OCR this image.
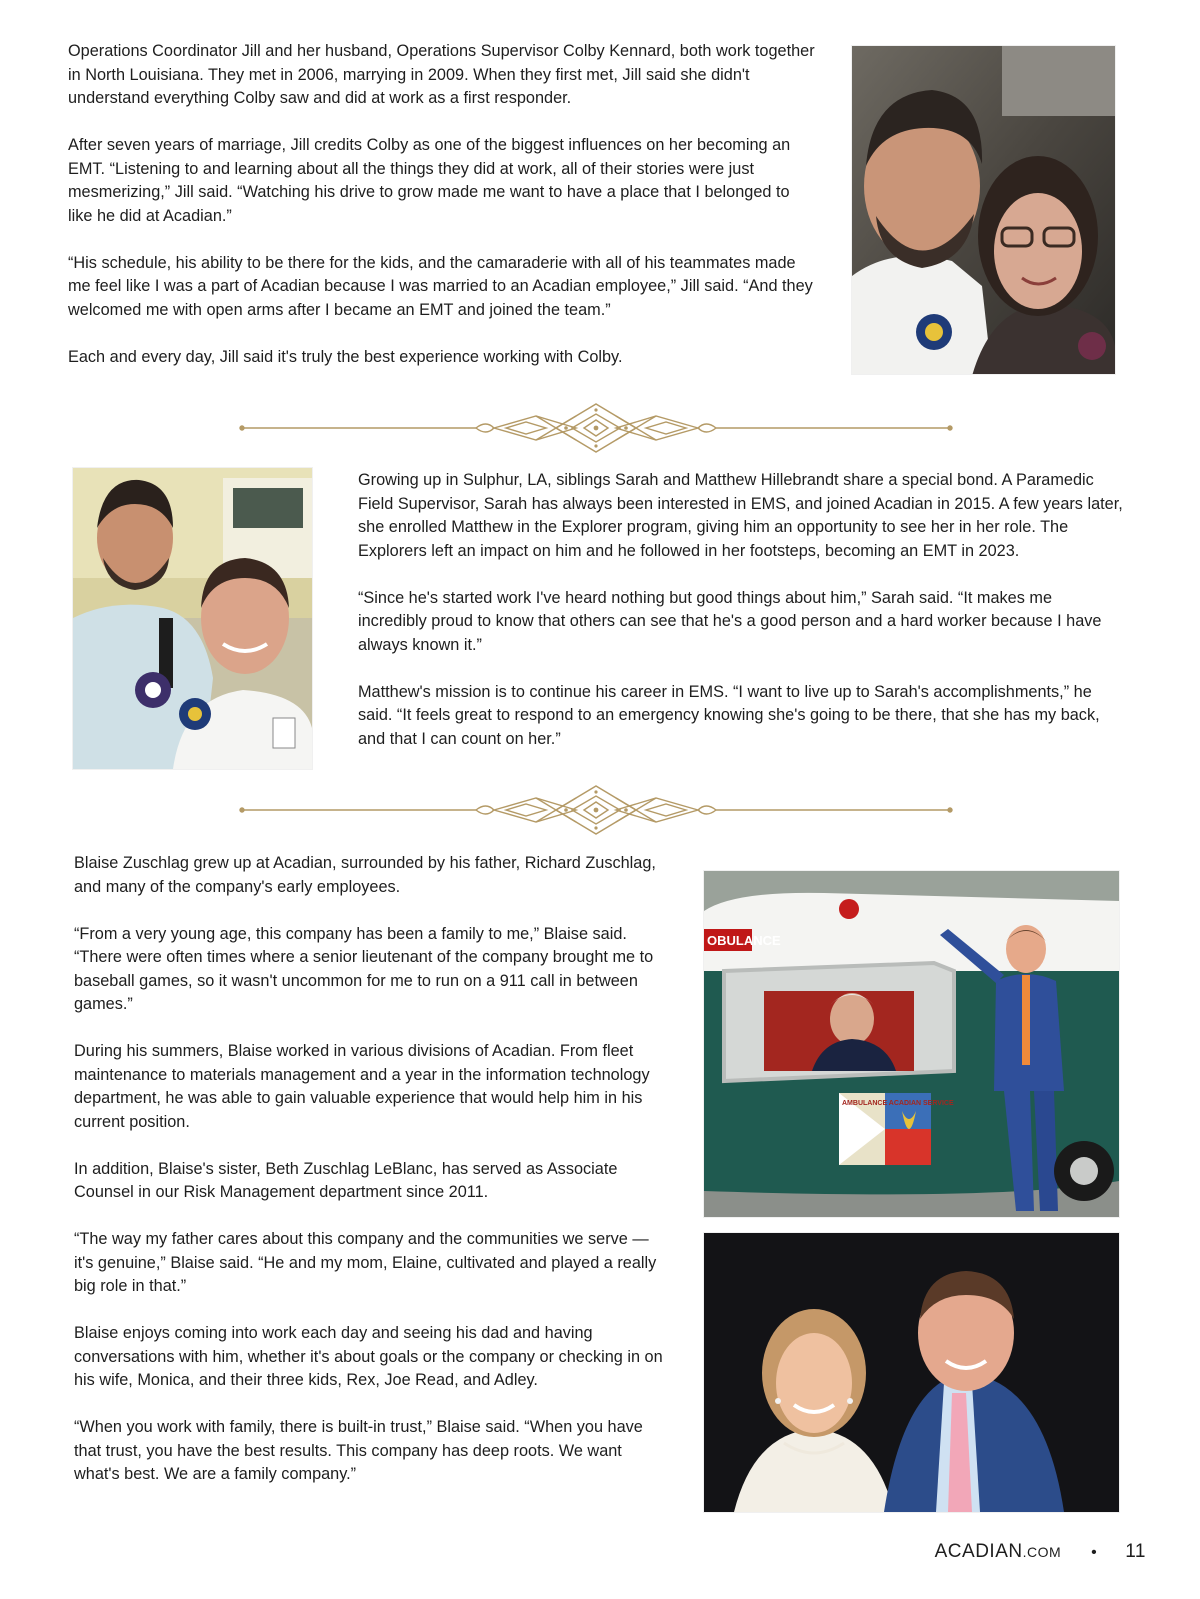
Operations Coordinator Jill and her husband, Operations Supervisor Colby Kennard, both work together in North Louisiana. They met in 2006, marrying in 2009. When they first met, Jill said she didn't understand everything Colby saw and did at work as a first responder.

After seven years of marriage, Jill credits Colby as one of the biggest influences on her becoming an EMT. “Listening to and learning about all the things they did at work, all of their stories were just mesmerizing,” Jill said. “Watching his drive to grow made me want to have a place that I belonged to like he did at Acadian.”

“His schedule, his ability to be there for the kids, and the camaraderie with all of his teammates made me feel like I was a part of Acadian because I was married to an Acadian employee,” Jill said. “And they welcomed me with open arms after I became an EMT and joined the team.”

Each and every day, Jill said it's truly the best experience working with Colby.

Growing up in Sulphur, LA, siblings Sarah and Matthew Hillebrandt share a special bond. A Paramedic Field Supervisor, Sarah has always been interested in EMS, and joined Acadian in 2015. A few years later, she enrolled Matthew in the Explorer program, giving him an opportunity to see her in her role. The Explorers left an impact on him and he followed in her footsteps, becoming an EMT in 2023.

“Since he's started work I've heard nothing but good things about him,” Sarah said. “It makes me incredibly proud to know that others can see that he's a good person and a hard worker because I have always known it.”

Matthew's mission is to continue his career in EMS. “I want to live up to Sarah's accomplishments,” he said. “It feels great to respond to an emergency knowing she's going to be there, that she has my back, and that I can count on her.”

Blaise Zuschlag grew up at Acadian, surrounded by his father, Richard Zuschlag, and many of the company's early employees.

“From a very young age, this company has been a family to me,” Blaise said. “There were often times where a senior lieutenant of the company brought me to baseball games, so it wasn't uncommon for me to run on a 911 call in between games.”

During his summers, Blaise worked in various divisions of Acadian. From fleet maintenance to materials management and a year in the information technology department, he was able to gain valuable experience that would help him in his current position.

In addition, Blaise's sister, Beth Zuschlag LeBlanc, has served as Associate Counsel in our Risk Management department since 2011.

“The way my father cares about this company and the communities we serve — it's genuine,” Blaise said. “He and my mom, Elaine, cultivated and played a really big role in that.”

Blaise enjoys coming into work each day and seeing his dad and having conversations with him, whether it's about goals or the company or checking in on his wife, Monica, and their three kids, Rex, Joe Read, and Adley.

“When you work with family, there is built-in trust,” Blaise said. “When you have that trust, you have the best results. This company has deep roots. We want what's best. We are a family company.”

OBULANCE
AMBULANCE ACADIAN SERVICE
ACADIAN .COM • 11
